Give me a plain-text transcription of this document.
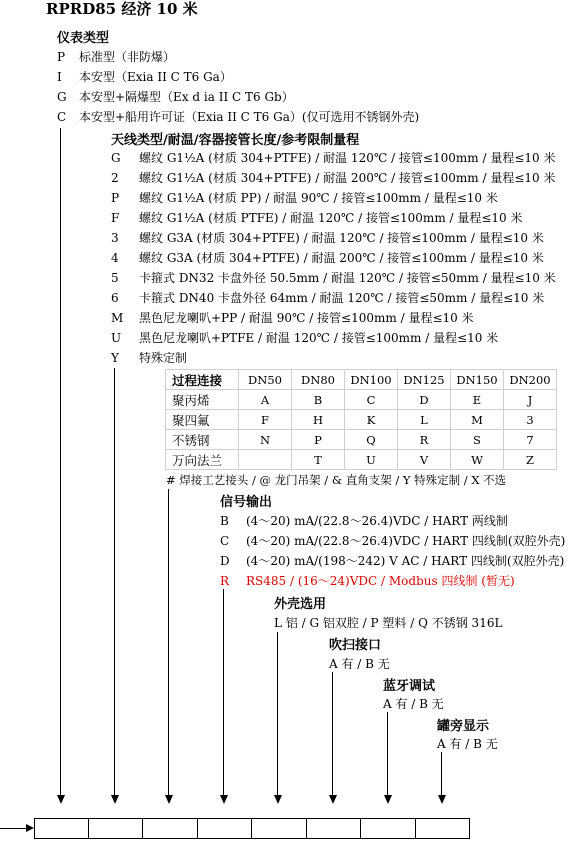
RPRD85 经济 10 米
仪表类型
P 标准型（非防爆）
I 本安型（Exia II C T6 Ga）
G 本安型+隔爆型（Ex d ia II C T6 Gb）
C 本安型+船用许可证（Exia II C T6 Ga）(仅可选用不锈钢外壳)
天线类型/耐温/容器接管长度/参考限制量程
G 螺纹 G1½A (材质 304+PTFE) / 耐温 120℃ / 接管≤100mm / 量程≤10 米
2 螺纹 G1½A (材质 304+PTFE) / 耐温 200℃ / 接管≤100mm / 量程≤10 米
P 螺纹 G1½A (材质 PP) / 耐温 90℃ / 接管≤100mm / 量程≤10 米
F 螺纹 G1½A (材质 PTFE) / 耐温 120℃ / 接管≤100mm / 量程≤10 米
3 螺纹 G3A (材质 304+PTFE) / 耐温 120℃ / 接管≤100mm / 量程≤10 米
4 螺纹 G3A (材质 304+PTFE) / 耐温 200℃ / 接管≤100mm / 量程≤10 米
5 卡箍式 DN32 卡盘外径 50.5mm / 耐温 120℃ / 接管≤50mm / 量程≤10 米
6 卡箍式 DN40 卡盘外径 64mm / 耐温 120℃ / 接管≤50mm / 量程≤10 米
M 黑色尼龙喇叭+PP / 耐温 90℃ / 接管≤100mm / 量程≤10 米
U 黑色尼龙喇叭+PTFE / 耐温 120℃ / 接管≤100mm / 量程≤10 米
Y 特殊定制
过程连接	DN50	DN80	DN100	DN125	DN150	DN200
聚丙烯	A	B	C	D	E	J
聚四氟	F	H	K	L	M	3
不锈钢	N	P	Q	R	S	7
万向法兰		T	U	V	W	Z
# 焊接工艺接头 / @ 龙门吊架 / & 直角支架 / Y 特殊定制 / X 不选
信号输出
B (4～20) mA/(22.8～26.4)VDC / HART 两线制
C (4～20) mA/(22.8～26.4)VDC / HART 四线制(双腔外壳)
D (4～20) mA/(198～242) V AC / HART 四线制(双腔外壳)
R RS485 / (16～24)VDC / Modbus 四线制 (暂无)
外壳选用
L 铝 / G 铝双腔 / P 塑料 / Q 不锈钢 316L
吹扫接口
A 有 / B 无
蓝牙调试
A 有 / B 无
罐旁显示
A 有 / B 无
